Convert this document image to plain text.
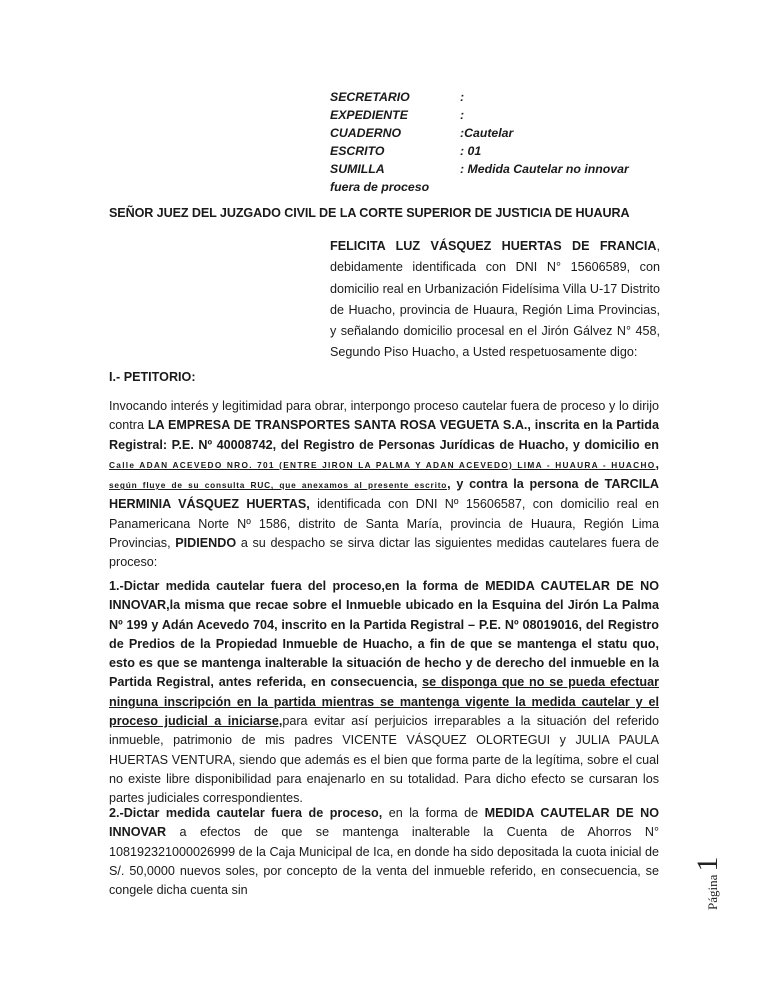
SECRETARIO	:
EXPEDIENTE	:
CUADERNO	:Cautelar
ESCRITO	: 01
SUMILLA	: Medida Cautelar no innovar
fuera de proceso
SEÑOR JUEZ DEL JUZGADO CIVIL DE LA CORTE SUPERIOR DE JUSTICIA DE HUAURA
FELICITA LUZ VÁSQUEZ HUERTAS DE FRANCIA, debidamente identificada con DNI N° 15606589, con domicilio real en Urbanización Fidelísima Villa U-17 Distrito de Huacho, provincia de Huaura, Región Lima Provincias, y señalando domicilio procesal en el Jirón Gálvez N° 458, Segundo Piso Huacho, a Usted respetuosamente digo:
I.- PETITORIO:
Invocando interés y legitimidad para obrar, interpongo proceso cautelar fuera de proceso y lo dirijo contra LA EMPRESA DE TRANSPORTES SANTA ROSA VEGUETA S.A., inscrita en la Partida Registral: P.E. Nº 40008742, del Registro de Personas Jurídicas de Huacho, y domicilio en Calle ADAN ACEVEDO NRO. 701 (ENTRE JIRON LA PALMA Y ADAN ACEVEDO) LIMA - HUAURA - HUACHO, según fluye de su consulta RUC, que anexamos al presente escrito, y contra la persona de TARCILA HERMINIA VÁSQUEZ HUERTAS, identificada con DNI Nº 15606587, con domicilio real en Panamericana Norte Nº 1586, distrito de Santa María, provincia de Huaura, Región Lima Provincias, PIDIENDO a su despacho se sirva dictar las siguientes medidas cautelares fuera de proceso:
1.-Dictar medida cautelar fuera del proceso,en la forma de MEDIDA CAUTELAR DE NO INNOVAR,la misma que recae sobre el Inmueble ubicado en la Esquina del Jirón La Palma Nº 199 y Adán Acevedo 704, inscrito en la Partida Registral – P.E. Nº 08019016, del Registro de Predios de la Propiedad Inmueble de Huacho, a fin de que se mantenga el statu quo, esto es que se mantenga inalterable la situación de hecho y de derecho del inmueble en la Partida Registral, antes referida, en consecuencia, se disponga que no se pueda efectuar ninguna inscripción en la partida mientras se mantenga vigente la medida cautelar y el proceso judicial a iniciarse,para evitar así perjuicios irreparables a la situación del referido inmueble, patrimonio de mis padres VICENTE VÁSQUEZ OLORTEGUI y JULIA PAULA HUERTAS VENTURA, siendo que además es el bien que forma parte de la legítima, sobre el cual no existe libre disponibilidad para enajenarlo en su totalidad. Para dicho efecto se cursaran los partes judiciales correspondientes.
2.-Dictar medida cautelar fuera de proceso, en la forma de MEDIDA CAUTELAR DE NO INNOVAR a efectos de que se mantenga inalterable la Cuenta de Ahorros N° 108192321000026999 de la Caja Municipal de Ica, en donde ha sido depositada la cuota inicial de S/. 50,0000 nuevos soles, por concepto de la venta del inmueble referido, en consecuencia, se congele dicha cuenta sin	Página
1
